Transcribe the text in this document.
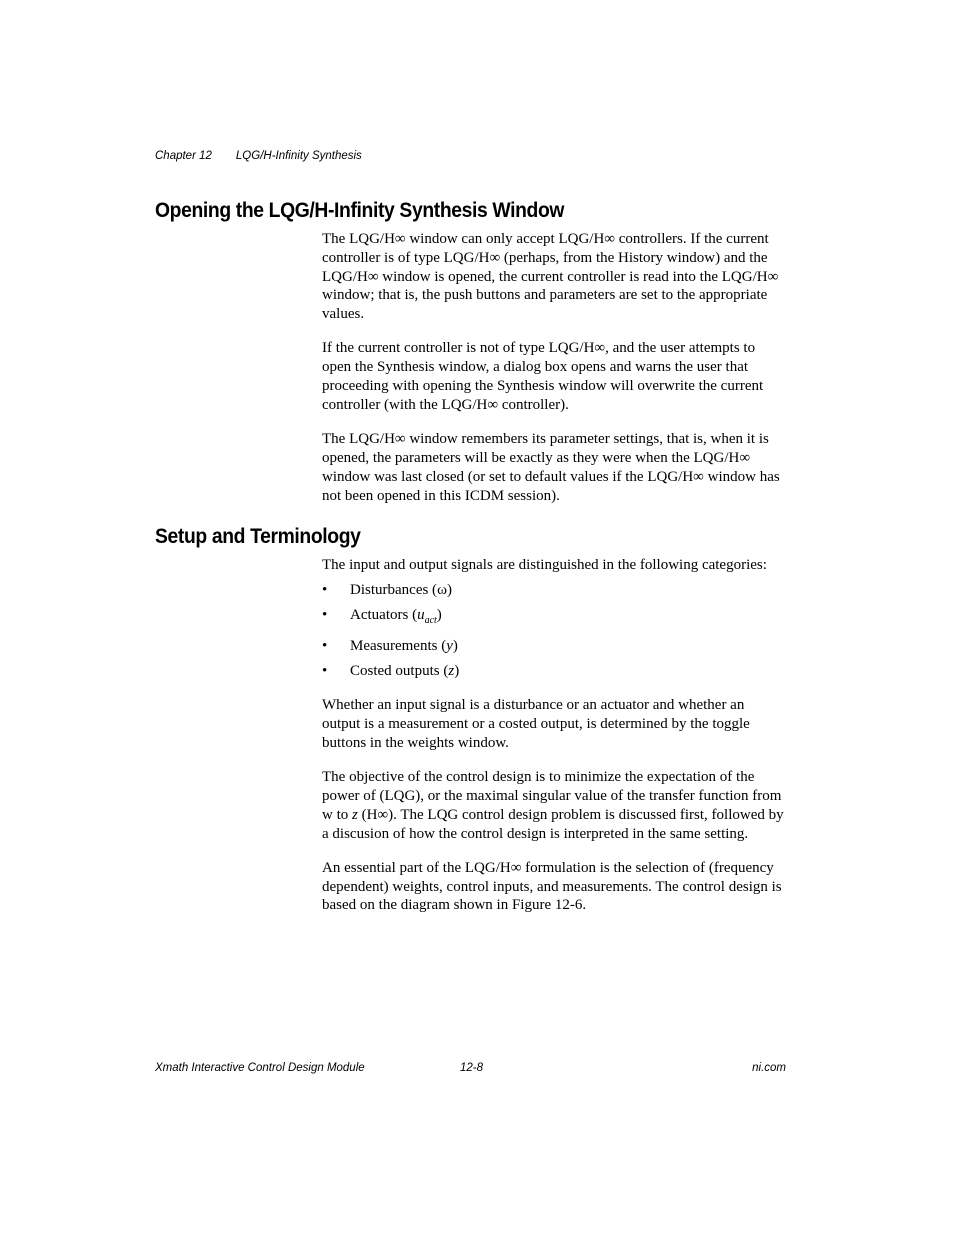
Chapter 12 LQG/H-Infinity Synthesis
Opening the LQG/H-Infinity Synthesis Window

The LQG/H∞ window can only accept LQG/H∞ controllers. If the current controller is of type LQG/H∞ (perhaps, from the History window) and the LQG/H∞ window is opened, the current controller is read into the LQG/H∞ window; that is, the push buttons and parameters are set to the appropriate values.

If the current controller is not of type LQG/H∞, and the user attempts to open the Synthesis window, a dialog box opens and warns the user that proceeding with opening the Synthesis window will overwrite the current controller (with the LQG/H∞ controller).

The LQG/H∞ window remembers its parameter settings, that is, when it is opened, the parameters will be exactly as they were when the LQG/H∞ window was last closed (or set to default values if the LQG/H∞ window has not been opened in this ICDM session).

Setup and Terminology

The input and output signals are distinguished in the following categories:

• Disturbances (ω)
• Actuators $(u_{act})$
• Measurements (y)
• Costed outputs (z)

Whether an input signal is a disturbance or an actuator and whether an output is a measurement or a costed output, is determined by the toggle buttons in the weights window.

The objective of the control design is to minimize the expectation of the power of (LQG), or the maximal singular value of the transfer function from w to z (H∞). The LQG control design problem is discussed first, followed by a discusion of how the control design is interpreted in the same setting.

An essential part of the LQG/H∞ formulation is the selection of (frequency dependent) weights, control inputs, and measurements. The control design is based on the diagram shown in Figure 12-6.

Xmath Interactive Control Design Module	12-8	ni.com
